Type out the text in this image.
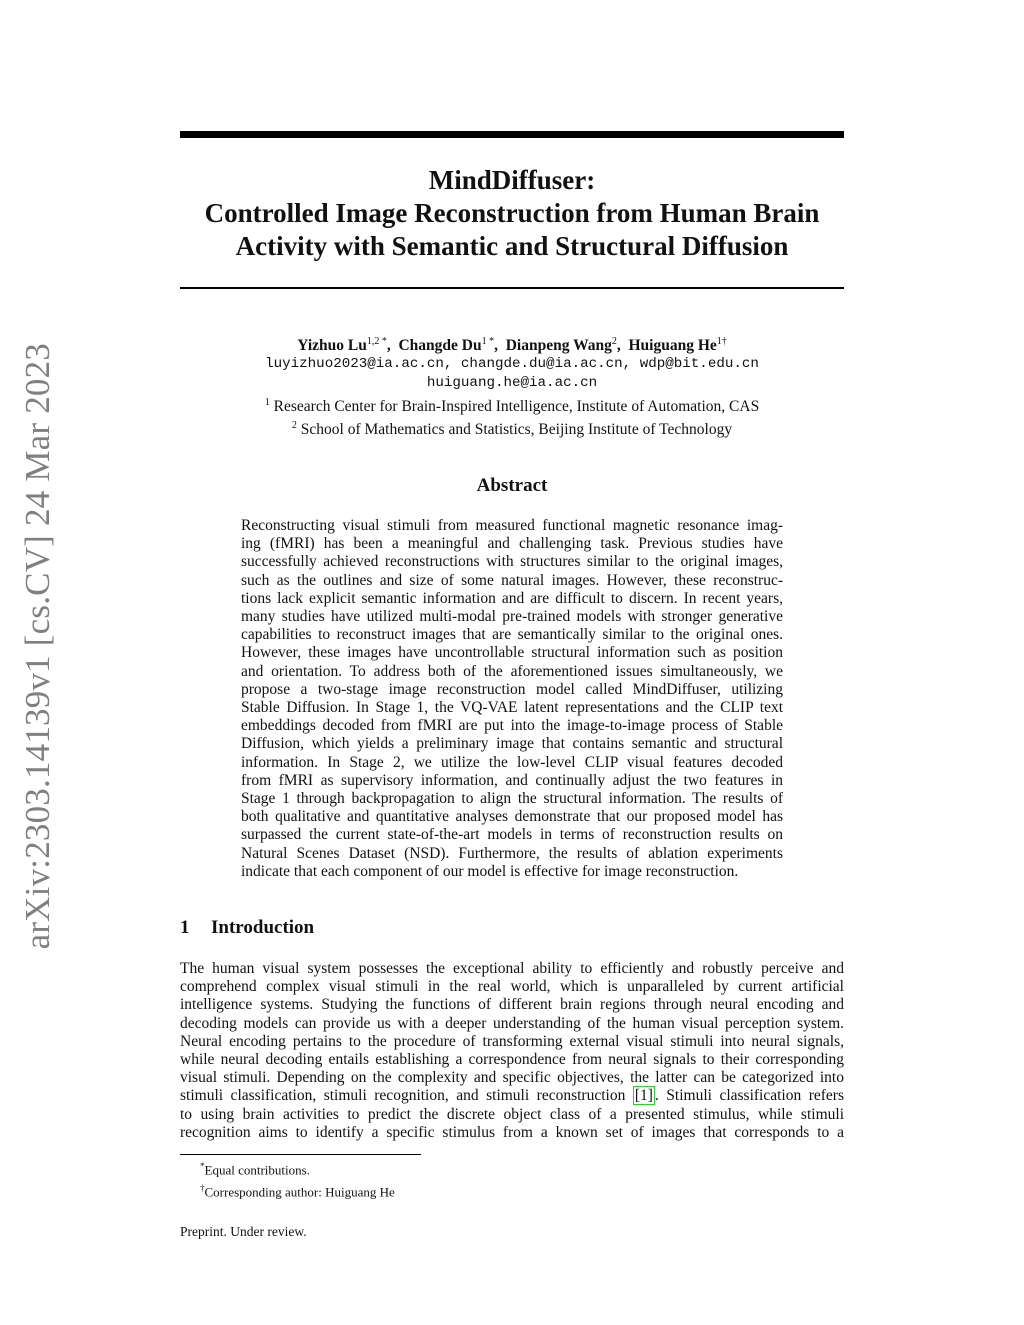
arXiv:2303.14139v1 [cs.CV] 24 Mar 2023
MindDiffuser:
Controlled Image Reconstruction from Human Brain
Activity with Semantic and Structural Diffusion
Yizhuo $Lu^{1,2 *}$,  Changde $Du^{1 *}$,  Dianpeng Wang$^2$,  Huiguang $He^{1\dagger}$
luyizhuo2023@ia.ac.cn, changde.du@ia.ac.cn, wdp@bit.edu.cn
huiguang.he@ia.ac.cn
$^1$ Research Center for Brain-Inspired Intelligence, Institute of Automation, CAS
$^2$ School of Mathematics and Statistics, Beijing Institute of Technology
Abstract
Reconstructing visual stimuli from measured functional magnetic resonance imag-
ing (fMRI) has been a meaningful and challenging task. Previous studies have
successfully achieved reconstructions with structures similar to the original images,
such as the outlines and size of some natural images. However, these reconstruc-
tions lack explicit semantic information and are difficult to discern. In recent years,
many studies have utilized multi-modal pre-trained models with stronger generative
capabilities to reconstruct images that are semantically similar to the original ones.
However, these images have uncontrollable structural information such as position
and orientation. To address both of the aforementioned issues simultaneously, we
propose a two-stage image reconstruction model called MindDiffuser, utilizing
Stable Diffusion. In Stage 1, the VQ-VAE latent representations and the CLIP text
embeddings decoded from fMRI are put into the image-to-image process of Stable
Diffusion, which yields a preliminary image that contains semantic and structural
information. In Stage 2, we utilize the low-level CLIP visual features decoded
from fMRI as supervisory information, and continually adjust the two features in
Stage 1 through backpropagation to align the structural information. The results of
both qualitative and quantitative analyses demonstrate that our proposed model has
surpassed the current state-of-the-art models in terms of reconstruction results on
Natural Scenes Dataset (NSD). Furthermore, the results of ablation experiments
indicate that each component of our model is effective for image reconstruction.
1 Introduction
The human visual system possesses the exceptional ability to efficiently and robustly perceive and
comprehend complex visual stimuli in the real world, which is unparalleled by current artificial
intelligence systems. Studying the functions of different brain regions through neural encoding and
decoding models can provide us with a deeper understanding of the human visual perception system.
Neural encoding pertains to the procedure of transforming external visual stimuli into neural signals,
while neural decoding entails establishing a correspondence from neural signals to their corresponding
visual stimuli. Depending on the complexity and specific objectives, the latter can be categorized into
stimuli classification, stimuli recognition, and stimuli reconstruction [1] . Stimuli classification refers
to using brain activities to predict the discrete object class of a presented stimulus, while stimuli
recognition aims to identify a specific stimulus from a known set of images that corresponds to a
*Equal contributions.
†Corresponding author: Huiguang He
Preprint. Under review.
